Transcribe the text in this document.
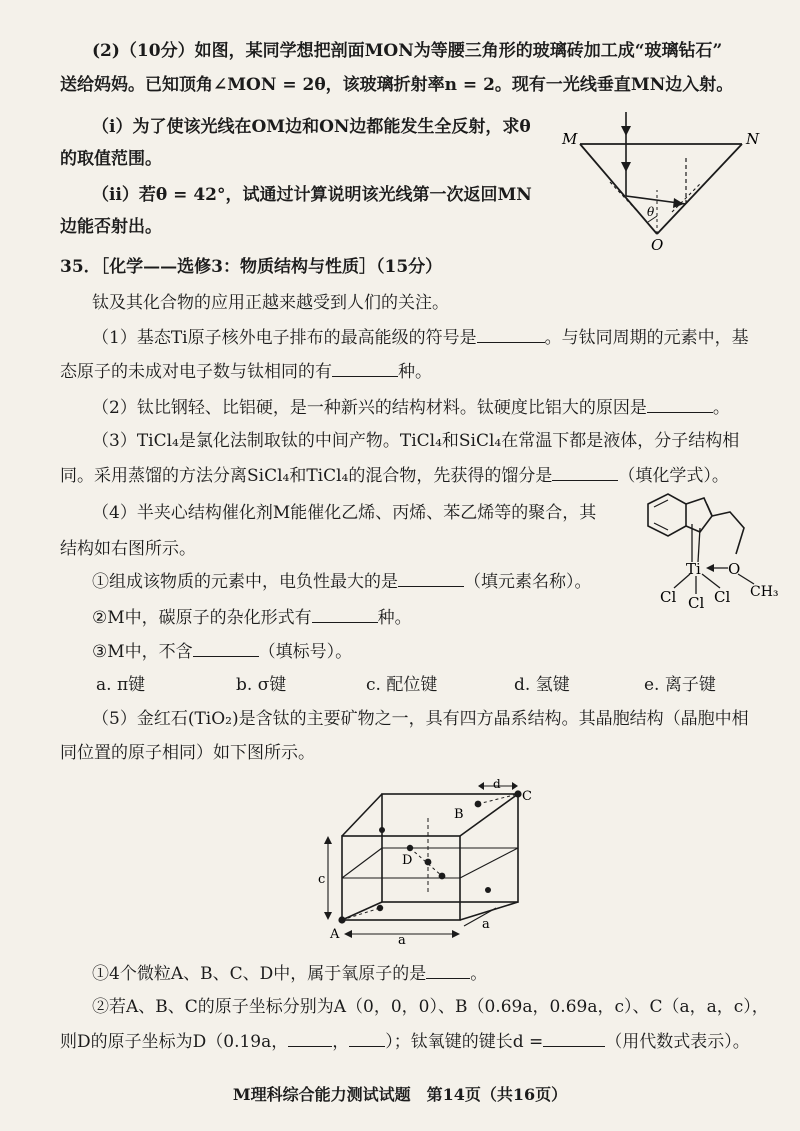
(2)（10分）如图，某同学想把剖面MON为等腰三角形的玻璃砖加工成“玻璃钻石”
送给妈妈。已知顶角∠MON = 2θ，该玻璃折射率n = 2。现有一光线垂直MN边入射。
（ⅰ）为了使该光线在OM边和ON边都能发生全反射，求θ
的取值范围。
（ⅱ）若θ = 42°，试通过计算说明该光线第一次返回MN
边能否射出。
M	N
O
θ
35．［化学——选修3：物质结构与性质］（15分）
钛及其化合物的应用正越来越受到人们的关注。
（1）基态Ti原子核外电子排布的最高能级的符号是	。与钛同周期的元素中，基
态原子的未成对电子数与钛相同的有	种。
（2）钛比钢轻、比铝硬，是一种新兴的结构材料。钛硬度比铝大的原因是	。
（3）TiCl₄是氯化法制取钛的中间产物。TiCl₄和SiCl₄在常温下都是液体，分子结构相
同。采用蒸馏的方法分离SiCl₄和TiCl₄的混合物，先获得的馏分是	（填化学式）。
（4）半夹心结构催化剂M能催化乙烯、丙烯、苯乙烯等的聚合，其
结构如右图所示。
①组成该物质的元素中，电负性最大的是	（填元素名称）。
②M中，碳原子的杂化形式有	种。
③M中，不含	（填标号）。
a. π键	b. σ键	c. 配位键	d. 氢键	e. 离子键
Ti O
CH₃
Cl Cl Cl
（5）金红石(TiO₂)是含钛的主要矿物之一，具有四方晶系结构。其晶胞结构（晶胞中相
同位置的原子相同）如下图所示。
A
B
C
D
c
a
a
d
①4个微粒A、B、C、D中，属于氧原子的是	。
②若A、B、C的原子坐标分别为A（0，0，0）、B（0.69a，0.69a，c）、C（a，a，c），
则D的原子坐标为D（0.19a，	， ）；钛氧键的键长d =	（用代数式表示）。
M理科综合能力测试试题　第14页（共16页）
